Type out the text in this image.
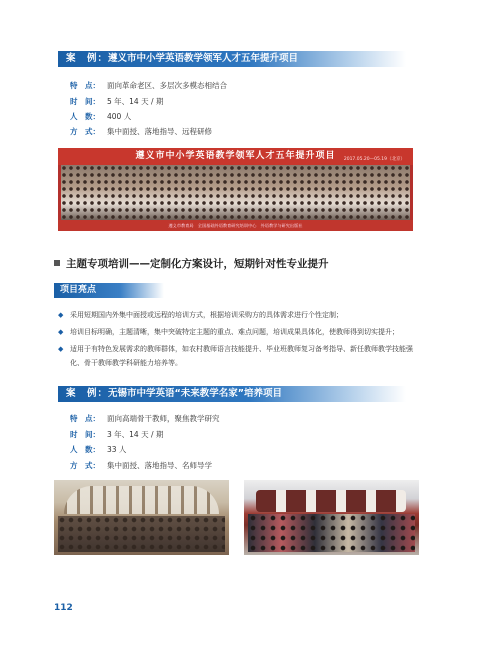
案　例：遵义市中小学英语教学领军人才五年提升项目
特　点： 面向革命老区、多层次多模态相结合
时　间： 5 年、14 天 / 期
人　数： 400 人
方　式： 集中面授、落地指导、远程研修
遵义市中小学英语教学领军人才五年提升项目 2017.05.20—05.19（北京）
遵义市教育局　全国基础外语教育研究培训中心　外语教学与研究出版社
主题专项培训——定制化方案设计，短期针对性专业提升
项目亮点
◆ 采用短期国内外集中面授或远程的培训方式，根据培训采购方的具体需求进行个性定制；
◆ 培训目标明确，主题清晰，集中突破特定主题的重点、难点问题，培训成果具体化，使教师得到切实提升；
◆ 适用于有特色发展需求的教师群体，如农村教师语言技能提升、毕业班教师复习备考指导、新任教师教学技能强化、骨干教师教学科研能力培养等。
案　例：无锡市中学英语“未来教学名家”培养项目
特　点： 面向高端骨干教师，聚焦教学研究
时　间： 3 年、14 天 / 期
人　数： 33 人
方　式： 集中面授、落地指导、名师导学
112
